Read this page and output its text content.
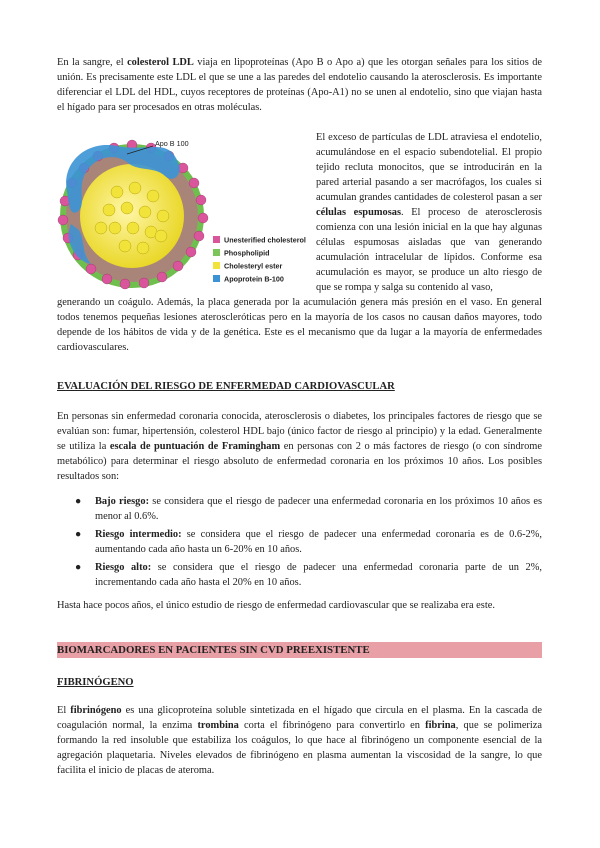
En la sangre, el colesterol LDL viaja en lipoproteínas (Apo B o Apo a) que les otorgan señales para los sitios de unión. Es precisamente este LDL el que se une a las paredes del endotelio causando la aterosclerosis. Es importante diferenciar el LDL del HDL, cuyos receptores de proteínas (Apo-A1) no se unen al endotelio, sino que viajan hasta el hígado para ser procesados en otras moléculas.

Apo B 100
Unesterified cholesterol
Phospholipid
Cholesteryl ester
Apoprotein B-100

El exceso de partículas de LDL atraviesa el endotelio, acumulándose en el espacio subendotelial. El propio tejido recluta monocitos, que se introducirán en la pared arterial pasando a ser macrófagos, los cuales si acumulan grandes cantidades de colesterol pasan a ser células espumosas. El proceso de aterosclerosis comienza con una lesión inicial en la que hay algunas células espumosas aisladas que van generando acumulación intracelular de lípidos. Conforme esa acumulación es mayor, se produce un alto riesgo de que se rompa y salga su contenido al vaso,

generando un coágulo. Además, la placa generada por la acumulación genera más presión en el vaso. En general todos tenemos pequeñas lesiones ateroscleróticas pero en la mayoría de los casos no causan daños mayores, todo depende de los hábitos de vida y de la genética. Este es el mecanismo que da lugar a la mayoría de enfermedades cardiovasculares.

EVALUACIÓN DEL RIESGO DE ENFERMEDAD CARDIOVASCULAR

En personas sin enfermedad coronaria conocida, aterosclerosis o diabetes, los principales factores de riesgo que se evalúan son: fumar, hipertensión, colesterol HDL bajo (único factor de riesgo al principio) y la edad. Generalmente se utiliza la escala de puntuación de Framingham en personas con 2 o más factores de riesgo (o con síndrome metabólico) para determinar el riesgo absoluto de enfermedad coronaria en los próximos 10 años. Los posibles resultados son:

● Bajo riesgo: se considera que el riesgo de padecer una enfermedad coronaria en los próximos 10 años es menor al 0.6%.
● Riesgo intermedio: se considera que el riesgo de padecer una enfermedad coronaria es de 0.6-2%, aumentando cada año hasta un 6-20% en 10 años.
● Riesgo alto: se considera que el riesgo de padecer una enfermedad coronaria parte de un 2%, incrementando cada año hasta el 20% en 10 años.

Hasta hace pocos años, el único estudio de riesgo de enfermedad cardiovascular que se realizaba era este.

BIOMARCADORES EN PACIENTES SIN CVD PREEXISTENTE
FIBRINÓGENO

El fibrinógeno es una glicoproteína soluble sintetizada en el hígado que circula en el plasma. En la cascada de coagulación normal, la enzima trombina corta el fibrinógeno para convertirlo en fibrina, que se polimeriza formando la red insoluble que estabiliza los coágulos, lo que hace al fibrinógeno un componente esencial de la agregación plaquetaria. Niveles elevados de fibrinógeno en plasma aumentan la viscosidad de la sangre, lo que facilita el inicio de placas de ateroma.
